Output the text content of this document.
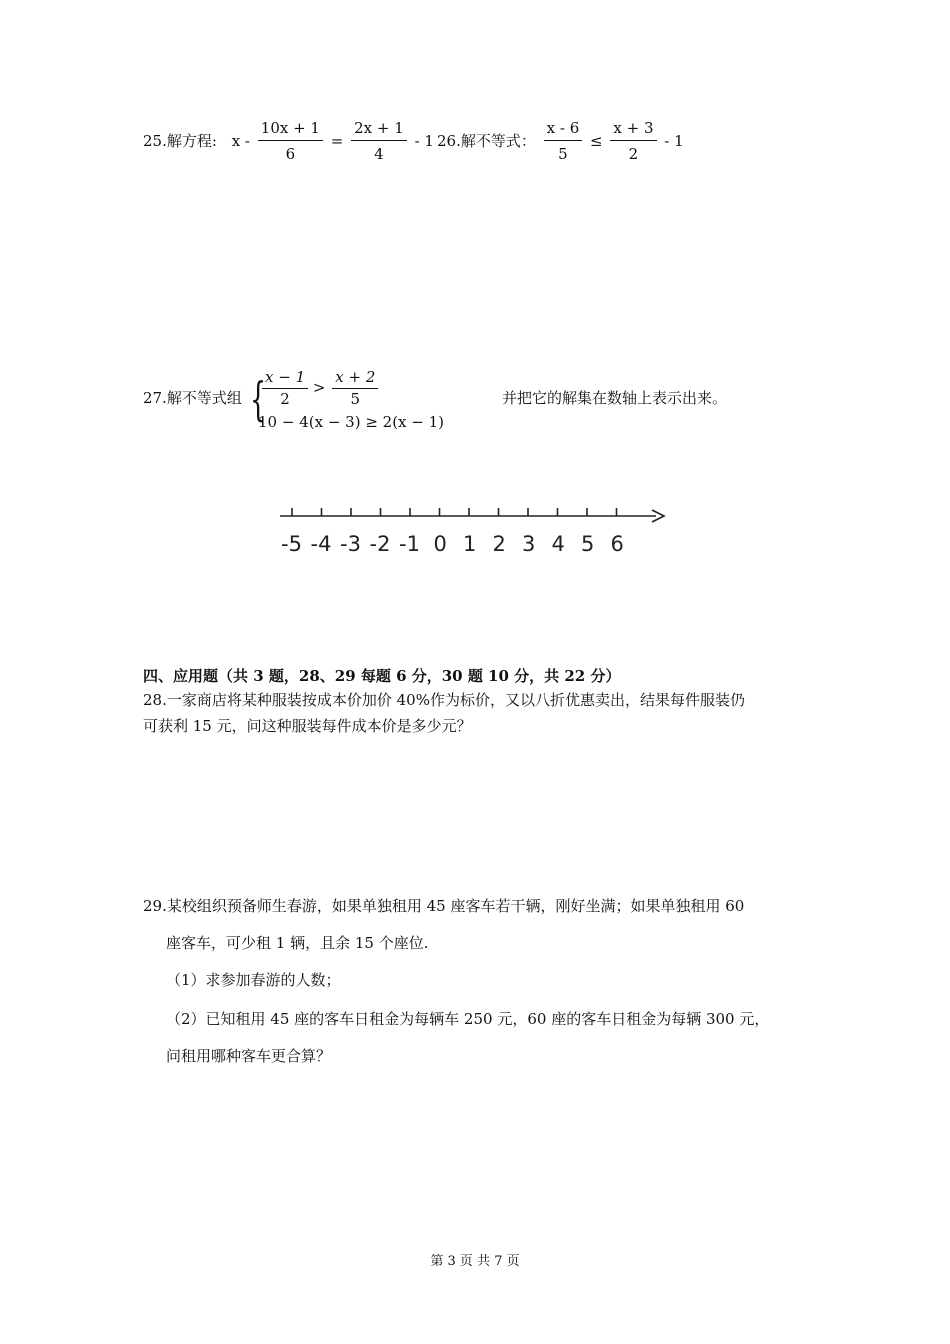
25.解方程: $x - \frac{10x + 1}{6} = \frac{2x + 1}{4} - 1$ 26.解不等式： $\frac{x - 6}{5} \le \frac{x + 3}{2} - 1$
27.解不等式组 {
$\frac{x - 1}{2} > \frac{x + 2}{5}$
10 − 4(x − 3) ≥ 2(x − 1)
并把它的解集在数轴上表示出来。
-5 -4 -3 -2 -1 0 1 2 3 4 5 6
四、应用题（共 3 题，28、29 每题 6 分，30 题 10 分，共 22 分）
28.一家商店将某种服装按成本价加价 40%作为标价，又以八折优惠卖出，结果每件服装仍
可获利 15 元，问这种服装每件成本价是多少元？
29.某校组织预备师生春游，如果单独租用 45 座客车若干辆，刚好坐满；如果单独租用 60
座客车，可少租 1 辆，且余 15 个座位.
（1）求参加春游的人数；
（2）已知租用 45 座的客车日租金为每辆车 250 元，60 座的客车日租金为每辆 300 元，
问租用哪种客车更合算？
第 3 页 共 7 页
